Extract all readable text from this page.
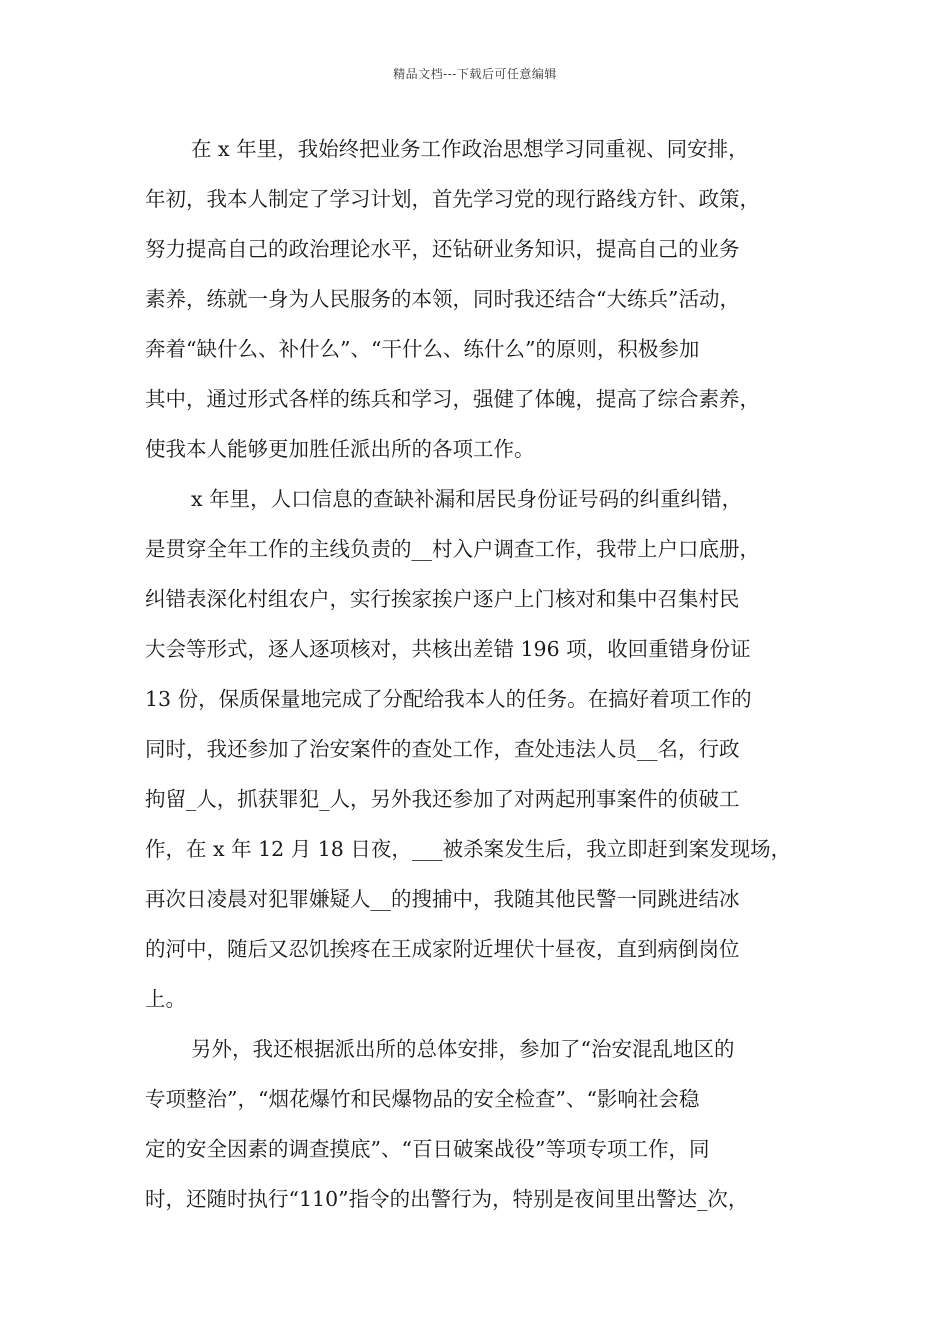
精品文档---下载后可任意编辑
在 x 年里，我始终把业务工作政治思想学习同重视、同安排，
年初，我本人制定了学习计划，首先学习党的现行路线方针、政策，
努力提高自己的政治理论水平，还钻研业务知识，提高自己的业务
素养，练就一身为人民服务的本领，同时我还结合“大练兵”活动，
奔着“缺什么、补什么”、“干什么、练什么”的原则，积极参加
其中，通过形式各样的练兵和学习，强健了体魄，提高了综合素养，
使我本人能够更加胜任派出所的各项工作。
x 年里，人口信息的查缺补漏和居民身份证号码的纠重纠错，
是贯穿全年工作的主线负责的__村入户调查工作，我带上户口底册，
纠错表深化村组农户，实行挨家挨户逐户上门核对和集中召集村民
大会等形式，逐人逐项核对，共核出差错 196 项，收回重错身份证
13 份，保质保量地完成了分配给我本人的任务。在搞好着项工作的
同时，我还参加了治安案件的查处工作，查处违法人员__名，行政
拘留_人，抓获罪犯_人，另外我还参加了对两起刑事案件的侦破工
作，在 x 年 12 月 18 日夜，___被杀案发生后，我立即赶到案发现场，
再次日凌晨对犯罪嫌疑人__的搜捕中，我随其他民警一同跳进结冰
的河中，随后又忍饥挨疼在王成家附近埋伏十昼夜，直到病倒岗位
上。
另外，我还根据派出所的总体安排，参加了“治安混乱地区的
专项整治”，“烟花爆竹和民爆物品的安全检查”、“影响社会稳
定的安全因素的调查摸底”、“百日破案战役”等项专项工作，同
时，还随时执行“110”指令的出警行为，特别是夜间里出警达_次，
